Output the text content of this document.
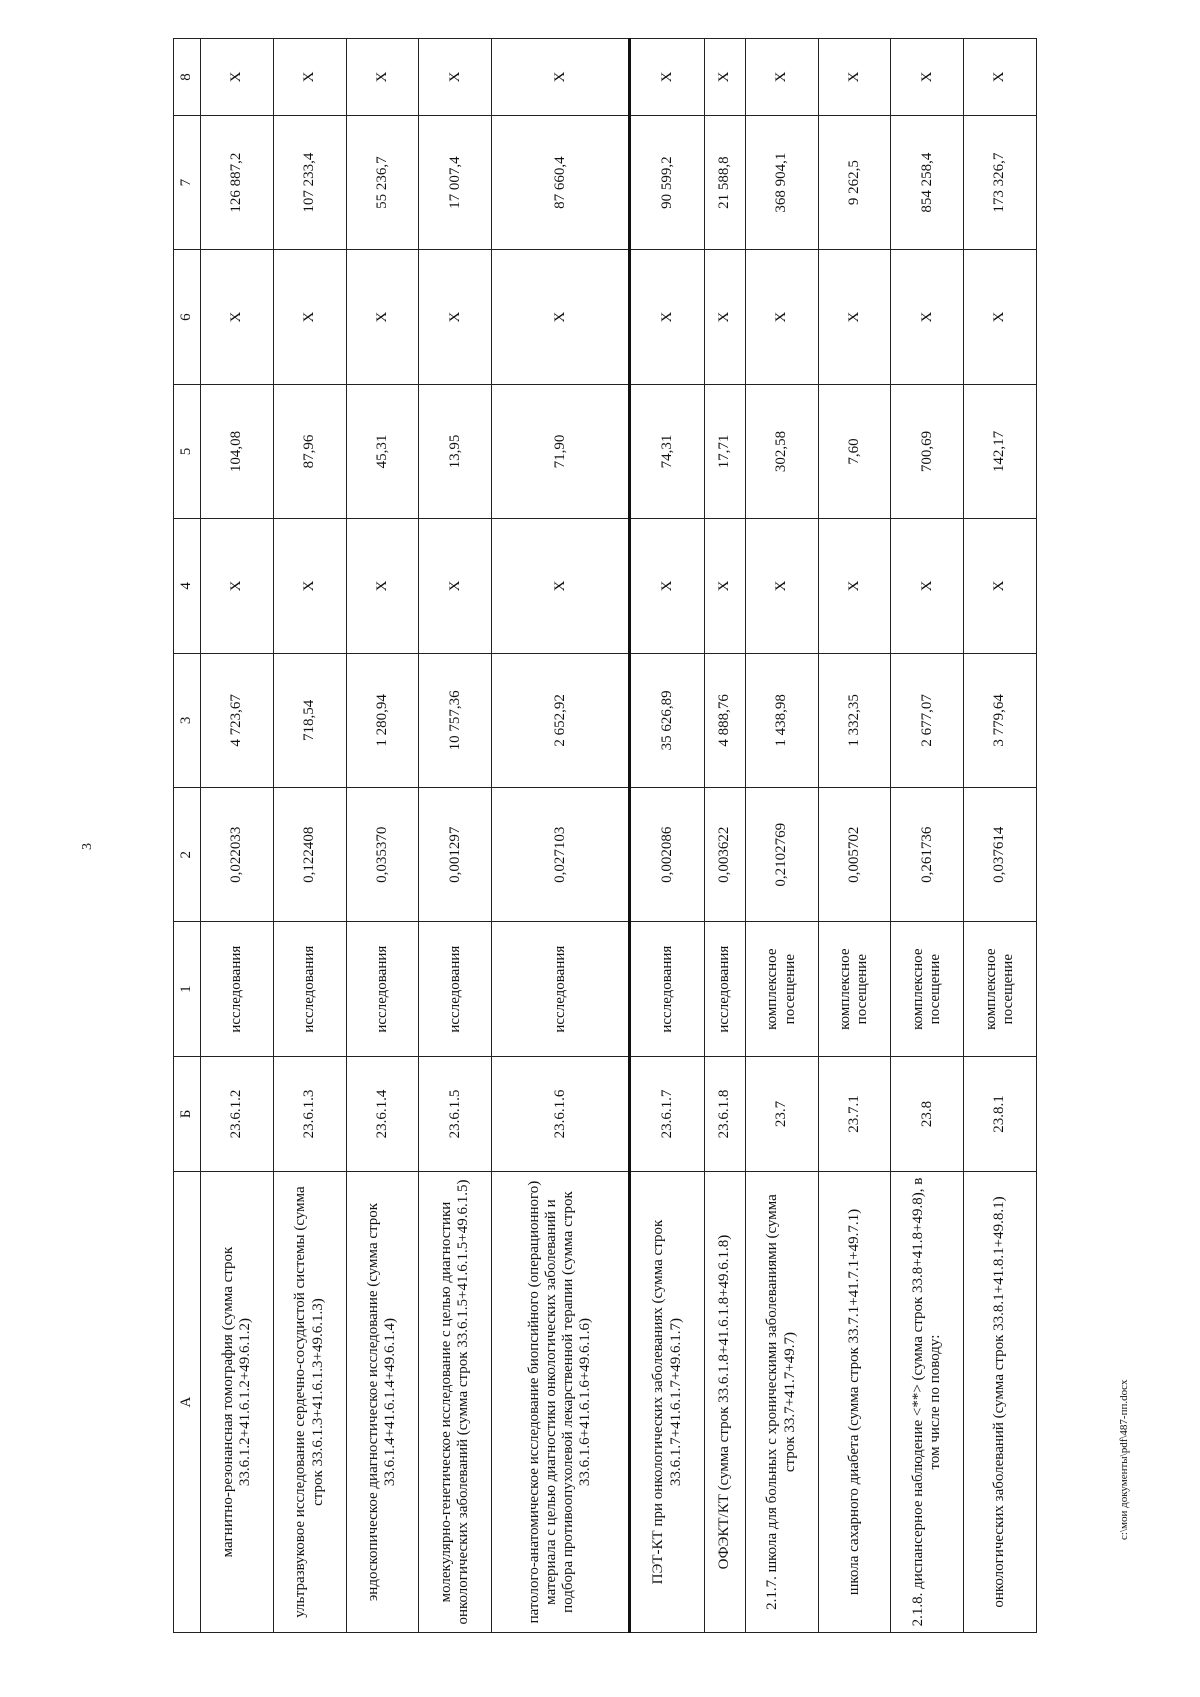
3
А	Б	1	2	3	4	5	6	7	8
магнитно-резонансная томография (сумма строк 33.6.1.2+41.6.1.2+49.6.1.2)	23.6.1.2	исследования	0,022033	4 723,67	X	104,08	X	126 887,2	X
ультразвуковое исследование сердечно-сосудистой системы (сумма строк 33.6.1.3+41.6.1.3+49.6.1.3)	23.6.1.3	исследования	0,122408	718,54	X	87,96	X	107 233,4	X
эндоскопическое диагностическое исследование (сумма строк 33.6.1.4+41.6.1.4+49.6.1.4)	23.6.1.4	исследования	0,035370	1 280,94	X	45,31	X	55 236,7	X
молекулярно-генетическое исследование с целью диагностики онкологических заболеваний (сумма строк 33.6.1.5+41.6.1.5+49.6.1.5)	23.6.1.5	исследования	0,001297	10 757,36	X	13,95	X	17 007,4	X
патолого-анатомическое исследование биопсийного (операционного) материала с целью диагностики онкологических заболеваний и подбора противоопухолевой лекарственной терапии (сумма строк 33.6.1.6+41.6.1.6+49.6.1.6)	23.6.1.6	исследования	0,027103	2 652,92	X	71,90	X	87 660,4	X
ПЭТ-КТ при онкологических заболеваниях (сумма строк 33.6.1.7+41.6.1.7+49.6.1.7)	23.6.1.7	исследования	0,002086	35 626,89	X	74,31	X	90 599,2	X
ОФЭКТ/КТ (сумма строк 33.6.1.8+41.6.1.8+49.6.1.8)	23.6.1.8	исследования	0,003622	4 888,76	X	17,71	X	21 588,8	X
2.1.7. школа для больных с хроническими заболеваниями (сумма строк 33.7+41.7+49.7)	23.7	комплексное посещение	0,2102769	1 438,98	X	302,58	X	368 904,1	X
школа сахарного диабета (сумма строк 33.7.1+41.7.1+49.7.1)	23.7.1	комплексное посещение	0,005702	1 332,35	X	7,60	X	9 262,5	X
2.1.8. диспансерное наблюдение <**> (сумма строк 33.8+41.8+49.8), в том числе по поводу:	23.8	комплексное посещение	0,261736	2 677,07	X	700,69	X	854 258,4	X
онкологических заболеваний (сумма строк 33.8.1+41.8.1+49.8.1)	23.8.1	комплексное посещение	0,037614	3 779,64	X	142,17	X	173 326,7	X
c:\мои документы\pdf\487-пп.docx
